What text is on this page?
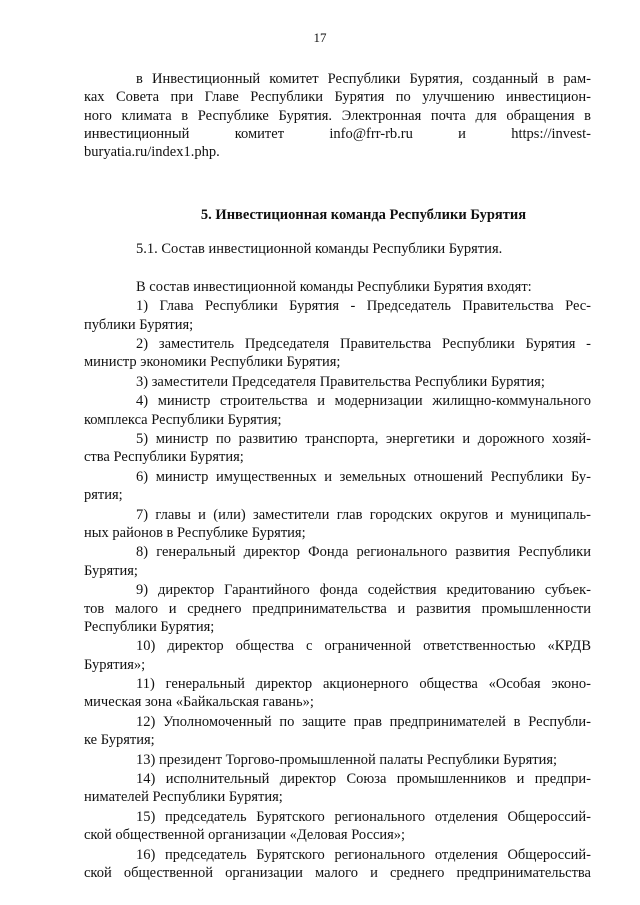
17
в Инвестиционный комитет Республики Бурятия, созданный в рам-
ках Совета при Главе Республики Бурятия по улучшению инвестицион-
ного климата в Республике Бурятия. Электронная почта для обращения в
инвестиционный комитет info@frr-rb.ru и https://invest-
buryatia.ru/index1.php.
5. Инвестиционная команда Республики Бурятия
5.1. Состав инвестиционной команды Республики Бурятия.
В состав инвестиционной команды Республики Бурятия входят:
1) Глава Республики Бурятия - Председатель Правительства Рес-
публики Бурятия;
2) заместитель Председателя Правительства Республики Бурятия -
министр экономики Республики Бурятия;
3) заместители Председателя Правительства Республики Бурятия;
4) министр строительства и модернизации жилищно-коммунального
комплекса Республики Бурятия;
5) министр по развитию транспорта, энергетики и дорожного хозяй-
ства Республики Бурятия;
6) министр имущественных и земельных отношений Республики Бу-
рятия;
7) главы и (или) заместители глав городских округов и муниципаль-
ных районов в Республике Бурятия;
8) генеральный директор Фонда регионального развития Республики
Бурятия;
9) директор Гарантийного фонда содействия кредитованию субъек-
тов малого и среднего предпринимательства и развития промышленности
Республики Бурятия;
10) директор общества с ограниченной ответственностью «КРДВ
Бурятия»;
11) генеральный директор акционерного общества «Особая эконо-
мическая зона «Байкальская гавань»;
12) Уполномоченный по защите прав предпринимателей в Республи-
ке Бурятия;
13) президент Торгово-промышленной палаты Республики Бурятия;
14) исполнительный директор Союза промышленников и предпри-
нимателей Республики Бурятия;
15) председатель Бурятского регионального отделения Общероссий-
ской общественной организации «Деловая Россия»;
16) председатель Бурятского регионального отделения Общероссий-
ской общественной организации малого и среднего предпринимательства
